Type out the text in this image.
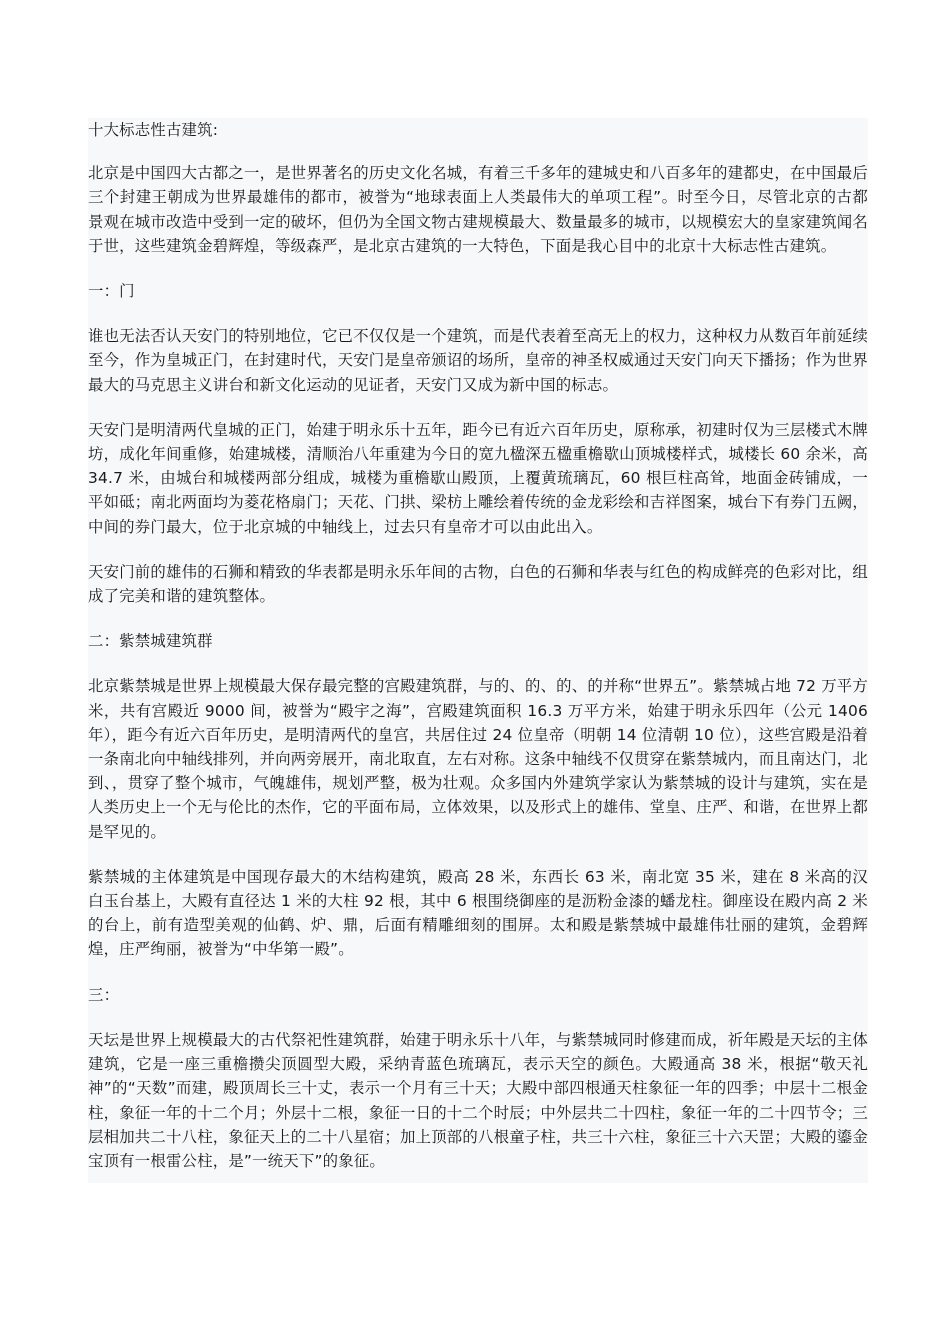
十大标志性古建筑:

北京是中国四大古都之一，是世界著名的历史文化名城，有着三千多年的建城史和八百多年的建都史，在中国最后三个封建王朝成为世界最雄伟的都市，被誉为“地球表面上人类最伟大的单项工程”。时至今日，尽管北京的古都景观在城市改造中受到一定的破坏，但仍为全国文物古建规模最大、数量最多的城市，以规模宏大的皇家建筑闻名于世，这些建筑金碧辉煌，等级森严，是北京古建筑的一大特色，下面是我心目中的北京十大标志性古建筑。

一：门

谁也无法否认天安门的特别地位，它已不仅仅是一个建筑，而是代表着至高无上的权力，这种权力从数百年前延续至今，作为皇城正门，在封建时代，天安门是皇帝颁诏的场所，皇帝的神圣权威通过天安门向天下播扬；作为世界最大的马克思主义讲台和新文化运动的见证者，天安门又成为新中国的标志。

天安门是明清两代皇城的正门，始建于明永乐十五年，距今已有近六百年历史，原称承，初建时仅为三层楼式木牌坊，成化年间重修，始建城楼，清顺治八年重建为今日的宽九楹深五楹重檐歇山顶城楼样式，城楼长 60 余米，高 34.7 米，由城台和城楼两部分组成，城楼为重檐歇山殿顶，上覆黄琉璃瓦，60 根巨柱高耸，地面金砖铺成，一平如砥；南北两面均为菱花格扇门；天花、门拱、梁枋上雕绘着传统的金龙彩绘和吉祥图案，城台下有券门五阙，中间的券门最大，位于北京城的中轴线上，过去只有皇帝才可以由此出入。

天安门前的雄伟的石狮和精致的华表都是明永乐年间的古物，白色的石狮和华表与红色的构成鲜亮的色彩对比，组成了完美和谐的建筑整体。

二：紫禁城建筑群

北京紫禁城是世界上规模最大保存最完整的宫殿建筑群，与的、的、的、的并称“世界五”。紫禁城占地 72 万平方米，共有宫殿近 9000 间，被誉为“殿宇之海”，宫殿建筑面积 16.3 万平方米，始建于明永乐四年（公元 1406 年），距今有近六百年历史，是明清两代的皇宫，共居住过 24 位皇帝（明朝 14 位清朝 10 位），这些宫殿是沿着一条南北向中轴线排列，并向两旁展开，南北取直，左右对称。这条中轴线不仅贯穿在紫禁城内，而且南达门，北到、，贯穿了整个城市，气魄雄伟，规划严整，极为壮观。众多国内外建筑学家认为紫禁城的设计与建筑，实在是人类历史上一个无与伦比的杰作，它的平面布局，立体效果，以及形式上的雄伟、堂皇、庄严、和谐，在世界上都是罕见的。

紫禁城的主体建筑是中国现存最大的木结构建筑，殿高 28 米，东西长 63 米，南北宽 35 米，建在 8 米高的汉白玉台基上，大殿有直径达 1 米的大柱 92 根，其中 6 根围绕御座的是沥粉金漆的蟠龙柱。御座设在殿内高 2 米的台上，前有造型美观的仙鹤、炉、鼎，后面有精雕细刻的围屏。太和殿是紫禁城中最雄伟壮丽的建筑，金碧辉煌，庄严绚丽，被誉为“中华第一殿”。

三：

天坛是世界上规模最大的古代祭祀性建筑群，始建于明永乐十八年，与紫禁城同时修建而成，祈年殿是天坛的主体建筑，它是一座三重檐攒尖顶圆型大殿，采纳青蓝色琉璃瓦，表示天空的颜色。大殿通高 38 米，根据“敬天礼神”的“天数”而建，殿顶周长三十丈，表示一个月有三十天；大殿中部四根通天柱象征一年的四季；中层十二根金柱，象征一年的十二个月；外层十二根，象征一日的十二个时辰；中外层共二十四柱，象征一年的二十四节令；三层相加共二十八柱，象征天上的二十八星宿；加上顶部的八根童子柱，共三十六柱，象征三十六天罡；大殿的鎏金宝顶有一根雷公柱，是”一统天下”的象征。
